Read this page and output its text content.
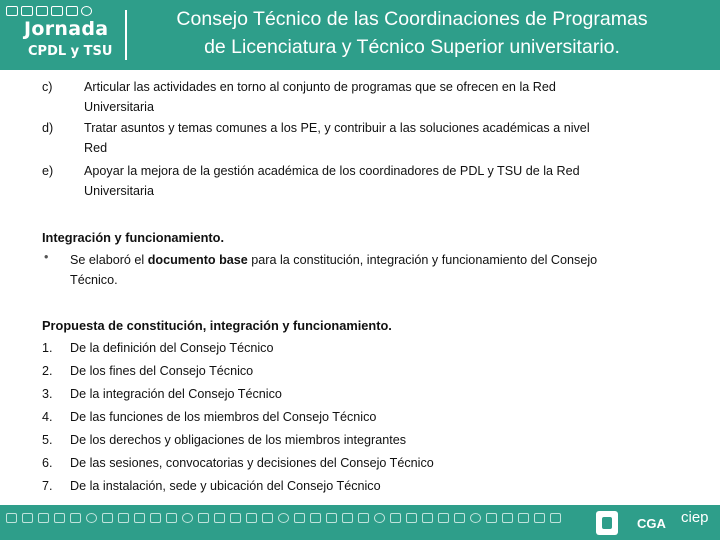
Jornada
CPDL y TSU
Consejo Técnico de las Coordinaciones de Programas
de Licenciatura y Técnico Superior universitario.
c)	Articular las actividades en torno al conjunto de programas que se ofrecen en la Red
Universitaria
d)	Tratar asuntos y temas comunes a los PE, y contribuir a las soluciones académicas a nivel
Red
e)	Apoyar la mejora de la gestión académica de los coordinadores de PDL y TSU de la Red
Universitaria
Integración y funcionamiento.
• Se elaboró el documento base para la constitución, integración y funcionamiento del Consejo
Técnico.
Propuesta de constitución, integración y funcionamiento.
1. De la definición del Consejo Técnico
2. De los fines del Consejo Técnico
3. De la integración del Consejo Técnico
4. De las funciones de los miembros del Consejo Técnico
5. De los derechos y obligaciones de los miembros integrantes
6. De las sesiones, convocatorias y decisiones del Consejo Técnico
7. De la instalación, sede y ubicación del Consejo Técnico
CGA ciep
